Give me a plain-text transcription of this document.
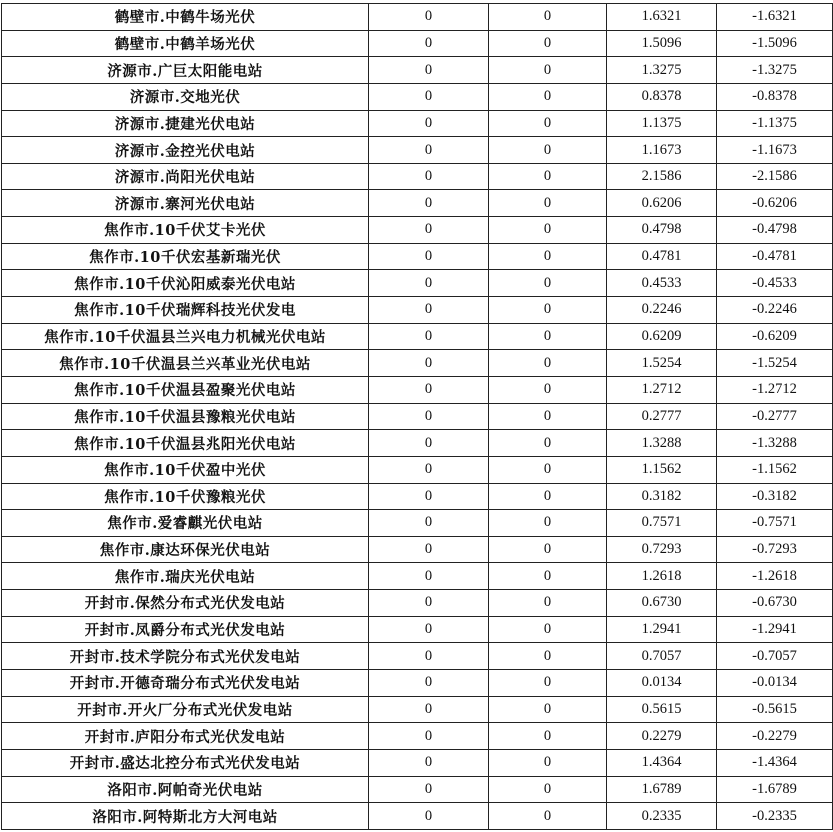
鹤壁市.中鹤牛场光伏	0	0	1.6321	-1.6321
鹤壁市.中鹤羊场光伏	0	0	1.5096	-1.5096
济源市.广巨太阳能电站	0	0	1.3275	-1.3275
济源市.交地光伏	0	0	0.8378	-0.8378
济源市.捷建光伏电站	0	0	1.1375	-1.1375
济源市.金控光伏电站	0	0	1.1673	-1.1673
济源市.尚阳光伏电站	0	0	2.1586	-2.1586
济源市.寨河光伏电站	0	0	0.6206	-0.6206
焦作市.10千伏艾卡光伏	0	0	0.4798	-0.4798
焦作市.10千伏宏基新瑞光伏	0	0	0.4781	-0.4781
焦作市.10千伏沁阳威泰光伏电站	0	0	0.4533	-0.4533
焦作市.10千伏瑞辉科技光伏发电	0	0	0.2246	-0.2246
焦作市.10千伏温县兰兴电力机械光伏电站	0	0	0.6209	-0.6209
焦作市.10千伏温县兰兴革业光伏电站	0	0	1.5254	-1.5254
焦作市.10千伏温县盈聚光伏电站	0	0	1.2712	-1.2712
焦作市.10千伏温县豫粮光伏电站	0	0	0.2777	-0.2777
焦作市.10千伏温县兆阳光伏电站	0	0	1.3288	-1.3288
焦作市.10千伏盈中光伏	0	0	1.1562	-1.1562
焦作市.10千伏豫粮光伏	0	0	0.3182	-0.3182
焦作市.爱睿麒光伏电站	0	0	0.7571	-0.7571
焦作市.康达环保光伏电站	0	0	0.7293	-0.7293
焦作市.瑞庆光伏电站	0	0	1.2618	-1.2618
开封市.保然分布式光伏发电站	0	0	0.6730	-0.6730
开封市.凤爵分布式光伏发电站	0	0	1.2941	-1.2941
开封市.技术学院分布式光伏发电站	0	0	0.7057	-0.7057
开封市.开德奇瑞分布式光伏发电站	0	0	0.0134	-0.0134
开封市.开火厂分布式光伏发电站	0	0	0.5615	-0.5615
开封市.庐阳分布式光伏发电站	0	0	0.2279	-0.2279
开封市.盛达北控分布式光伏发电站	0	0	1.4364	-1.4364
洛阳市.阿帕奇光伏电站	0	0	1.6789	-1.6789
洛阳市.阿特斯北方大河电站	0	0	0.2335	-0.2335
